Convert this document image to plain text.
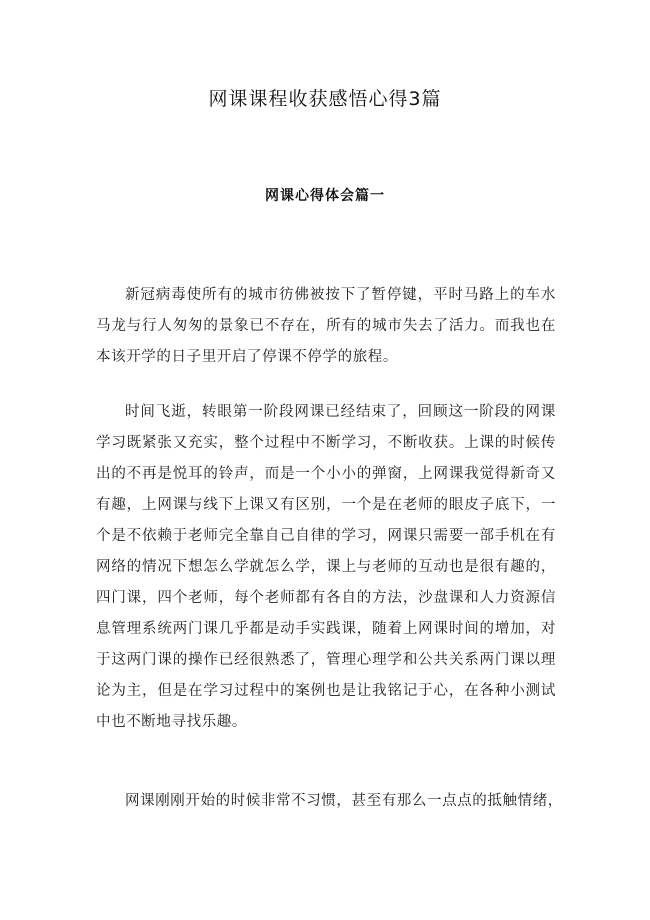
网课课程收获感悟心得3篇
网课心得体会篇一
新冠病毒使所有的城市彷佛被按下了暂停键，平时马路上的车水
马龙与行人匆匆的景象已不存在，所有的城市失去了活力。而我也在
本该开学的日子里开启了停课不停学的旅程。
时间飞逝，转眼第一阶段网课已经结束了，回顾这一阶段的网课
学习既紧张又充实，整个过程中不断学习，不断收获。上课的时候传
出的不再是悦耳的铃声，而是一个小小的弹窗，上网课我觉得新奇又
有趣，上网课与线下上课又有区别，一个是在老师的眼皮子底下，一
个是不依赖于老师完全靠自己自律的学习，网课只需要一部手机在有
网络的情况下想怎么学就怎么学，课上与老师的互动也是很有趣的，
四门课，四个老师，每个老师都有各自的方法，沙盘课和人力资源信
息管理系统两门课几乎都是动手实践课，随着上网课时间的增加，对
于这两门课的操作已经很熟悉了，管理心理学和公共关系两门课以理
论为主，但是在学习过程中的案例也是让我铭记于心，在各种小测试
中也不断地寻找乐趣。
网课刚刚开始的时候非常不习惯，甚至有那么一点点的抵触情绪，
